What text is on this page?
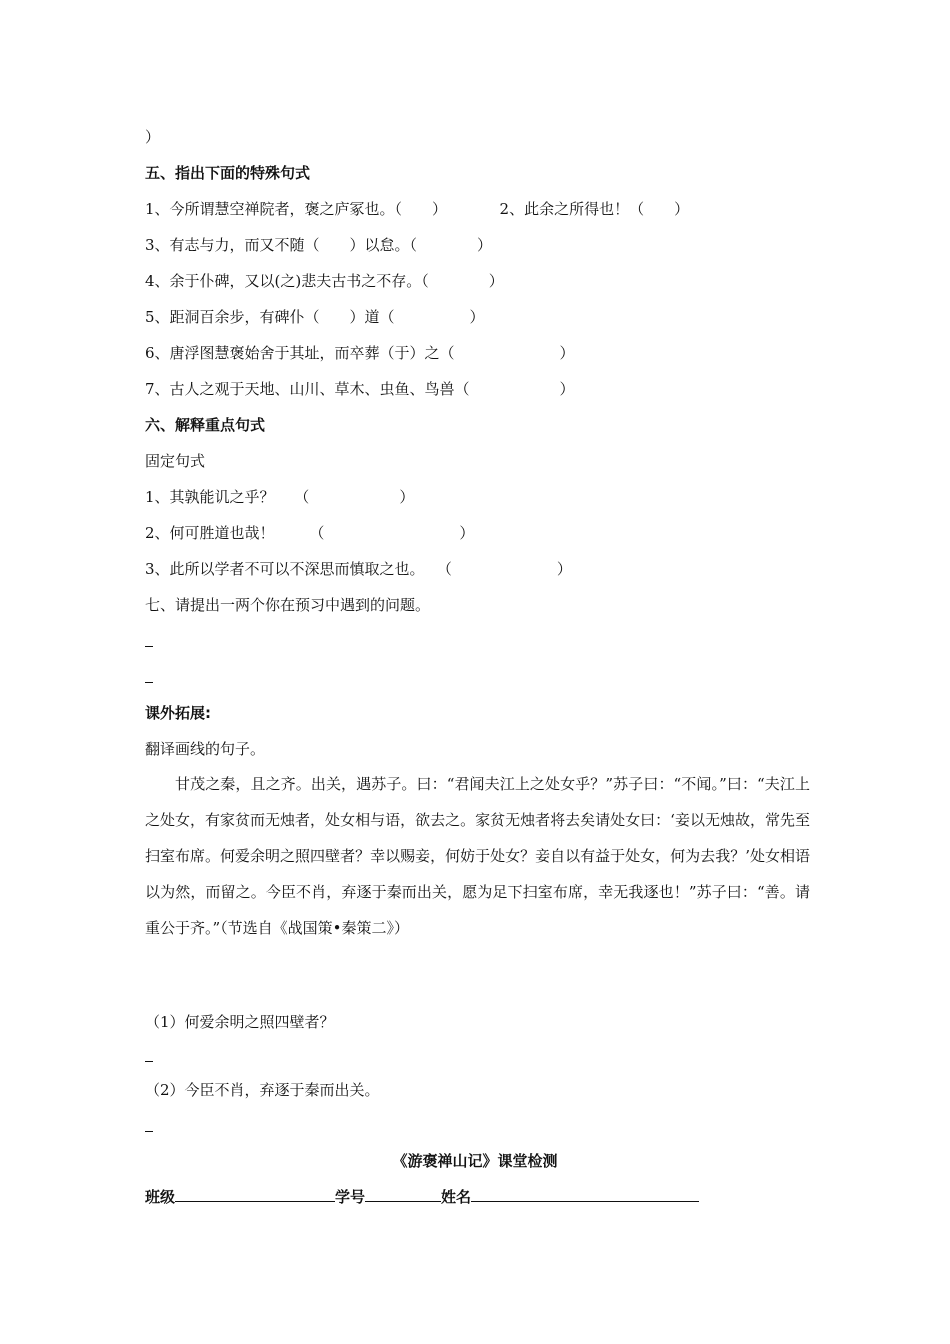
）
五、指出下面的特殊句式
1、今所谓慧空禅院者，褒之庐冢也。（　　）　　　　2、此余之所得也！（　　）
3、有志与力，而又不随（　　）以怠。（　　　　）
4、余于仆碑，又以(之)悲夫古书之不存。（　　　　）
5、距洞百余步，有碑仆（　　）道（　　　　　）
6、唐浮图慧褒始舍于其址，而卒葬（于）之（　　　　　　　）
7、古人之观于天地、山川、草木、虫鱼、鸟兽（　　　　　　）
六、解释重点句式
固定句式
1、其孰能讥之乎？　 （　　　　　　）
2、何可胜道也哉！　　 （　　　　　　　　　）
3、此所以学者不可以不深思而慎取之也。　 （　　　　　　　）
七、请提出一两个你在预习中遇到的问题。
课外拓展:
翻译画线的句子。

甘茂之秦，且之齐。出关，遇苏子。曰：“君闻夫江上之处女乎？”苏子曰：“不闻。”曰：“夫江上之处女，有家贫而无烛者，处女相与语，欲去之。家贫无烛者将去矣请处女曰：‘妾以无烛故，常先至扫室布席。何爱余明之照四壁者？幸以赐妾，何妨于处女？妾自以有益于处女，何为去我？’处女相语以为然，而留之。今臣不肖，弃逐于秦而出关，愿为足下扫室布席，幸无我逐也！”苏子曰：“善。请重公于齐。”（节选自《战国策•秦策二》）

（1）何爱余明之照四壁者？
（2）今臣不肖，弃逐于秦而出关。
《游褒禅山记》课堂检测
班级	学号	姓名
